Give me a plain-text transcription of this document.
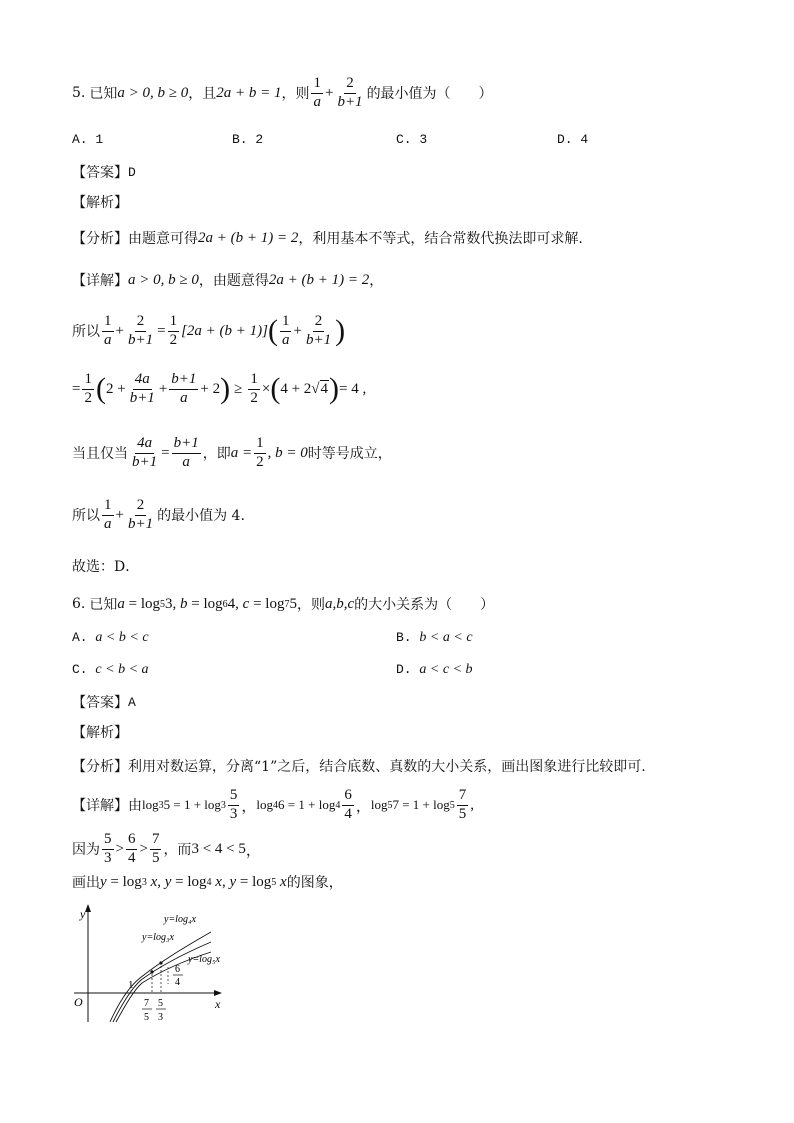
5. 已知 a > 0, b ≥ 0 ，且 2a + b = 1 ，则 $\frac{1}{a} + \frac{2}{b+1}$ 的最小值为（　　）
A. 1	B. 2	C. 3	D. 4
【答案】 D
【解析】
【分析】 由题意可得 2a + (b + 1) = 2 ，利用基本不等式，结合常数代换法即可求解.
【详解】 a > 0, b ≥ 0 ，由题意得 2a + (b + 1) = 2 ，
所以 $\frac{1}{a} + \frac{2}{b+1} = \frac{1}{2} [2a + (b + 1)]$ ( $\frac{1}{a} + \frac{2}{b+1}$ )
= $\frac{1}{2}$ ( $2 + \frac{4a}{b+1} + \frac{b+1}{a} + 2$ ) ≥ $\frac{1}{2}$ × ( 4 + 2 √ 4 ) = 4 ,
当且仅当 $\frac{4a}{b+1} = \frac{b+1}{a}$ ，即 $a = \frac{1}{2}$ , b = 0 时等号成立，
所以 $\frac{1}{a} + \frac{2}{b+1}$ 的最小值为 4.
故选：D．
6. 已知 a = log 5 3, b = log 6 4, c = log 7 5 ，则 a,b,c 的大小关系为（　　）
A. a < b < c	B. b < a < c
C. c < b < a	D. a < c < b
【答案】 A
【解析】
【分析】 利用对数运算，分离“1”之后，结合底数、真数的大小关系，画出图象进行比较即可.
【详解】 由 log 3 $5 = 1 + \log 3 \frac{5}{3}$ ， log 4 $6 = 1 + \log 4 \frac{6}{4}$ ， log 5 $7 = 1 + \log 5 \frac{7}{5}$ ,
因为 $\frac{5}{3} > \frac{6}{4} > \frac{7}{5}$ ，而 3 < 4 < 5 ，
画出 y = log 3 x , y = log 4 x , y = log 5 x 的图象，
y
x
O
1
y=log₄x
y=log₃x
y=log₅x
6
4
7
5
5
3
